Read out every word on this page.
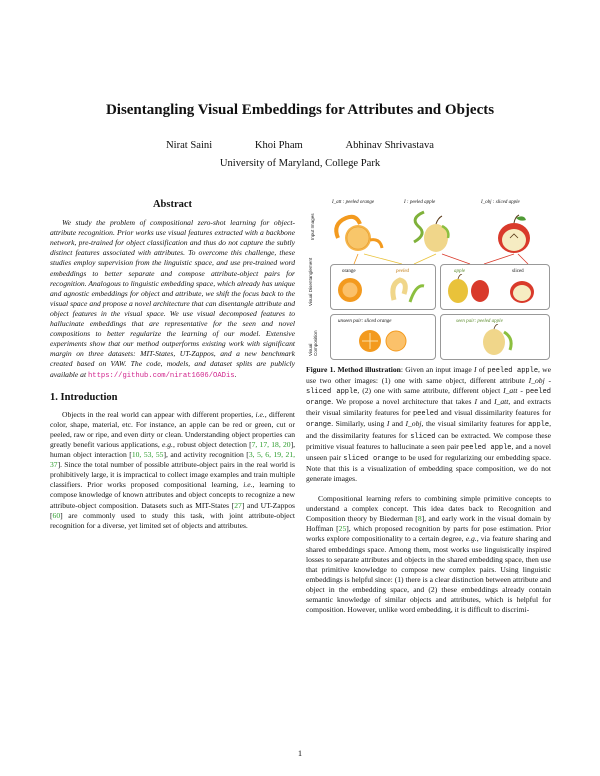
Disentangling Visual Embeddings for Attributes and Objects
Nirat Saini	Khoi Pham	Abhinav Shrivastava
University of Maryland, College Park
Abstract

We study the problem of compositional zero-shot learning for object-attribute recognition. Prior works use visual features extracted with a backbone network, pre-trained for object classification and thus do not capture the subtly distinct features associated with attributes. To overcome this challenge, these studies employ supervision from the linguistic space, and use pre-trained word embeddings to better separate and compose attribute-object pairs for recognition. Analogous to linguistic embedding space, which already has unique and agnostic embeddings for object and attribute, we shift the focus back to the visual space and propose a novel architecture that can disentangle attribute and object features in the visual space. We use visual decomposed features to hallucinate embeddings that are representative for the seen and novel compositions to better regularize the learning of our model. Extensive experiments show that our method outperforms existing work with significant margin on three datasets: MIT-States, UT-Zappos, and a new benchmark created based on VAW. The code, models, and dataset splits are publicly available at https://github.com/nirat1606/OADis.

1. Introduction

Objects in the real world can appear with different properties, i.e., different color, shape, material, etc. For instance, an apple can be red or green, cut or peeled, raw or ripe, and even dirty or clean. Understanding object properties can greatly benefit various applications, e.g., robust object detection [7, 17, 18, 20], human object interaction [10, 53, 55], and activity recognition [3, 5, 6, 19, 21, 37]. Since the total number of possible attribute-object pairs in the real world is prohibitively large, it is impractical to collect image examples and train multiple classifiers. Prior works proposed compositional learning, i.e., learning to compose knowledge of known attributes and object concepts to recognize a new attribute-object composition. Datasets such as MIT-States [27] and UT-Zappos [60] are commonly used to study this task, with joint attribute-object recognition for a diverse, yet limited set of objects and attributes.

Input Images
Visual Disentanglement
Visual Composition
I_att : peeled orange	I : peeled apple	I_obj : sliced apple
orange	peeled	apple	sliced
unseen pair: sliced orange	seen pair: peeled apple
Figure 1. Method illustration: Given an input image I of peeled apple, we use two other images: (1) one with same object, different attribute I_obj - sliced apple, (2) one with same attribute, different object I_att - peeled orange. We propose a novel architecture that takes I and I_att, and extracts their visual similarity features for peeled and visual dissimilarity features for orange. Similarly, using I and I_obj, the visual similarity features for apple, and the dissimilarity features for sliced can be extracted. We compose these primitive visual features to hallucinate a seen pair peeled apple, and a novel unseen pair sliced orange to be used for regularizing our embedding space. Note that this is a visualization of embedding space composition, we do not generate images.

Compositional learning refers to combining simple primitive concepts to understand a complex concept. This idea dates back to Recognition and Composition theory by Biederman [8], and early work in the visual domain by Hoffman [25], which proposed recognition by parts for pose estimation. Prior works explore compositionality to a certain degree, e.g., via feature sharing and shared embeddings space. Among them, most works use linguistically inspired losses to separate attributes and objects in the shared embedding space, then use that primitive knowledge to compose new complex pairs. Using linguistic embeddings is helpful since: (1) there is a clear distinction between attribute and object in the embedding space, and (2) these embeddings already contain semantic knowledge of similar objects and attributes, which is helpful for composition. However, unlike word embedding, it is difficult to discrimi-

1
